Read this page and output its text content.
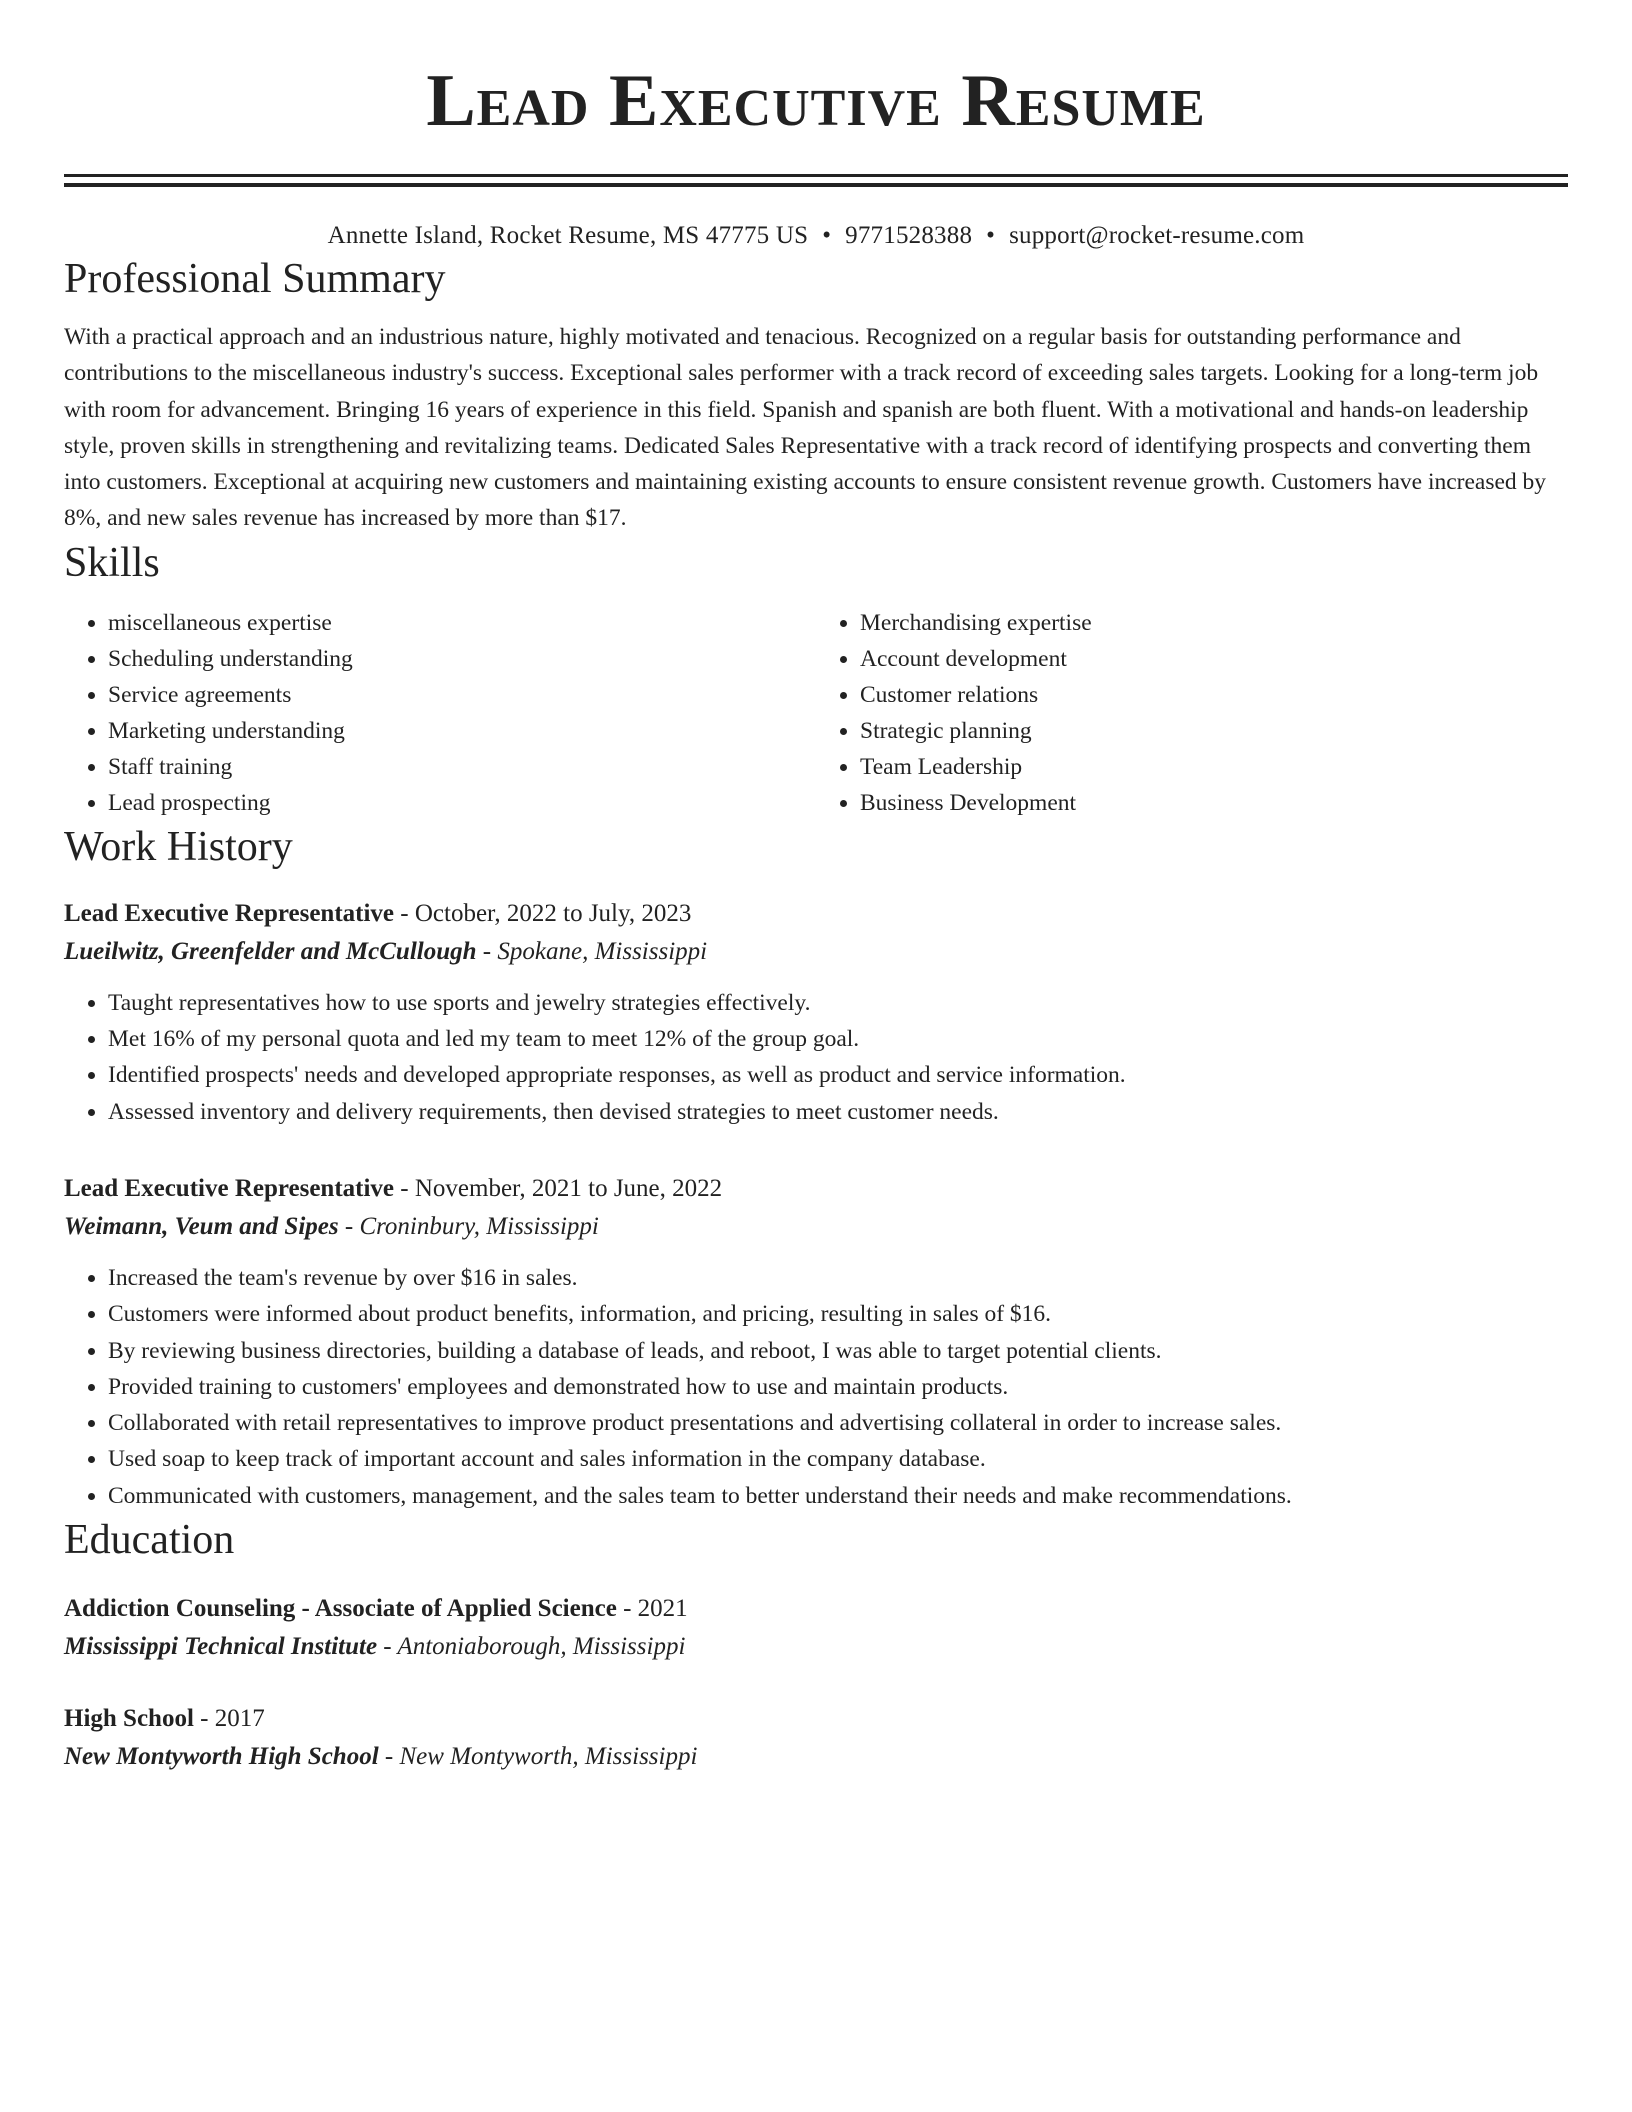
Lead Executive Resume
Annette Island, Rocket Resume, MS 47775 US • 9771528388 • support@rocket-resume.com
Professional Summary
With a practical approach and an industrious nature, highly motivated and tenacious. Recognized on a regular basis for outstanding performance and contributions to the miscellaneous industry's success. Exceptional sales performer with a track record of exceeding sales targets. Looking for a long-term job with room for advancement. Bringing 16 years of experience in this field. Spanish and spanish are both fluent. With a motivational and hands-on leadership style, proven skills in strengthening and revitalizing teams. Dedicated Sales Representative with a track record of identifying prospects and converting them into customers. Exceptional at acquiring new customers and maintaining existing accounts to ensure consistent revenue growth. Customers have increased by 8%, and new sales revenue has increased by more than $17.
Skills
• miscellaneous expertise
• Scheduling understanding
• Service agreements
• Marketing understanding
• Staff training
• Lead prospecting
• Merchandising expertise
• Account development
• Customer relations
• Strategic planning
• Team Leadership
• Business Development
Work History
Lead Executive Representative - October, 2022 to July, 2023
Lueilwitz, Greenfelder and McCullough - Spokane, Mississippi
• Taught representatives how to use sports and jewelry strategies effectively.
• Met 16% of my personal quota and led my team to meet 12% of the group goal.
• Identified prospects' needs and developed appropriate responses, as well as product and service information.
• Assessed inventory and delivery requirements, then devised strategies to meet customer needs.
Lead Executive Representative - November, 2021 to June, 2022
Weimann, Veum and Sipes - Croninbury, Mississippi
• Increased the team's revenue by over $16 in sales.
• Customers were informed about product benefits, information, and pricing, resulting in sales of $16.
• By reviewing business directories, building a database of leads, and reboot, I was able to target potential clients.
• Provided training to customers' employees and demonstrated how to use and maintain products.
• Collaborated with retail representatives to improve product presentations and advertising collateral in order to increase sales.
• Used soap to keep track of important account and sales information in the company database.
• Communicated with customers, management, and the sales team to better understand their needs and make recommendations.
Education
Addiction Counseling - Associate of Applied Science - 2021
Mississippi Technical Institute - Antoniaborough, Mississippi
High School - 2017
New Montyworth High School - New Montyworth, Mississippi
